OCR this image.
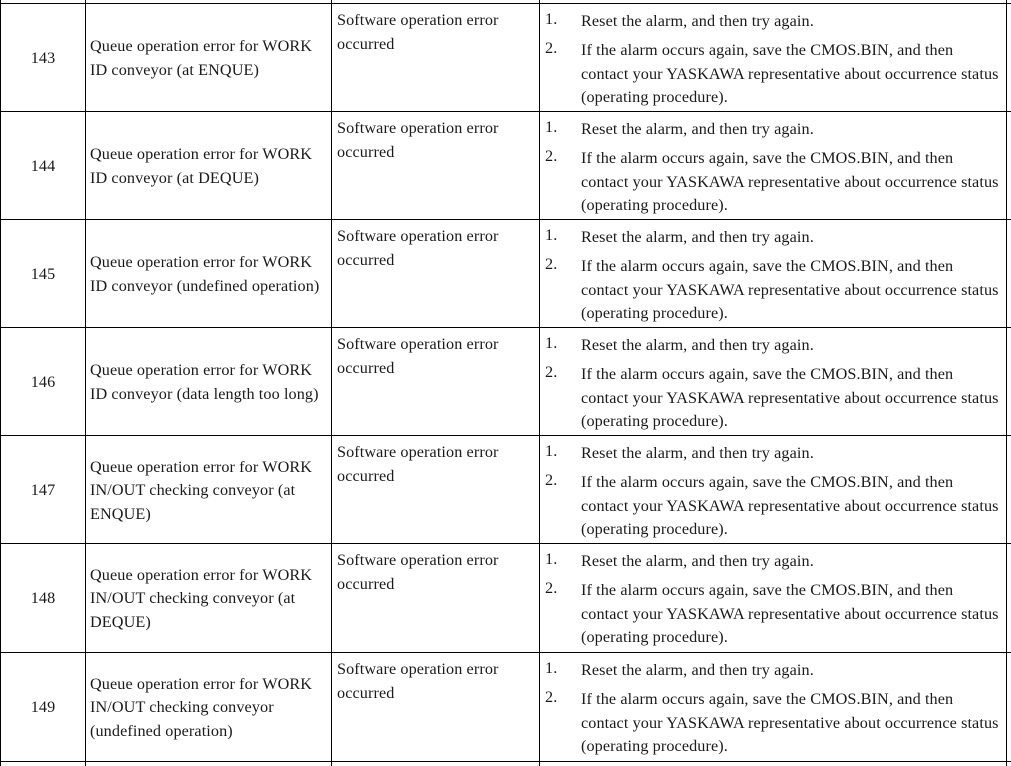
143
Queue operation error for WORK ID conveyor (at ENQUE)
Software operation error occurred
1. Reset the alarm, and then try again.
2. If the alarm occurs again, save the CMOS.BIN, and then contact your YASKAWA representative about occurrence status (operating procedure).
144
Queue operation error for WORK ID conveyor (at DEQUE)
Software operation error occurred
1. Reset the alarm, and then try again.
2. If the alarm occurs again, save the CMOS.BIN, and then contact your YASKAWA representative about occurrence status (operating procedure).
145
Queue operation error for WORK ID conveyor (undefined operation)
Software operation error occurred
1. Reset the alarm, and then try again.
2. If the alarm occurs again, save the CMOS.BIN, and then contact your YASKAWA representative about occurrence status (operating procedure).
146
Queue operation error for WORK ID conveyor (data length too long)
Software operation error occurred
1. Reset the alarm, and then try again.
2. If the alarm occurs again, save the CMOS.BIN, and then contact your YASKAWA representative about occurrence status (operating procedure).
147
Queue operation error for WORK IN/OUT checking conveyor (at ENQUE)
Software operation error occurred
1. Reset the alarm, and then try again.
2. If the alarm occurs again, save the CMOS.BIN, and then contact your YASKAWA representative about occurrence status (operating procedure).
148
Queue operation error for WORK IN/OUT checking conveyor (at DEQUE)
Software operation error occurred
1. Reset the alarm, and then try again.
2. If the alarm occurs again, save the CMOS.BIN, and then contact your YASKAWA representative about occurrence status (operating procedure).
149
Queue operation error for WORK IN/OUT checking conveyor (undefined operation)
Software operation error occurred
1. Reset the alarm, and then try again.
2. If the alarm occurs again, save the CMOS.BIN, and then contact your YASKAWA representative about occurrence status (operating procedure).
